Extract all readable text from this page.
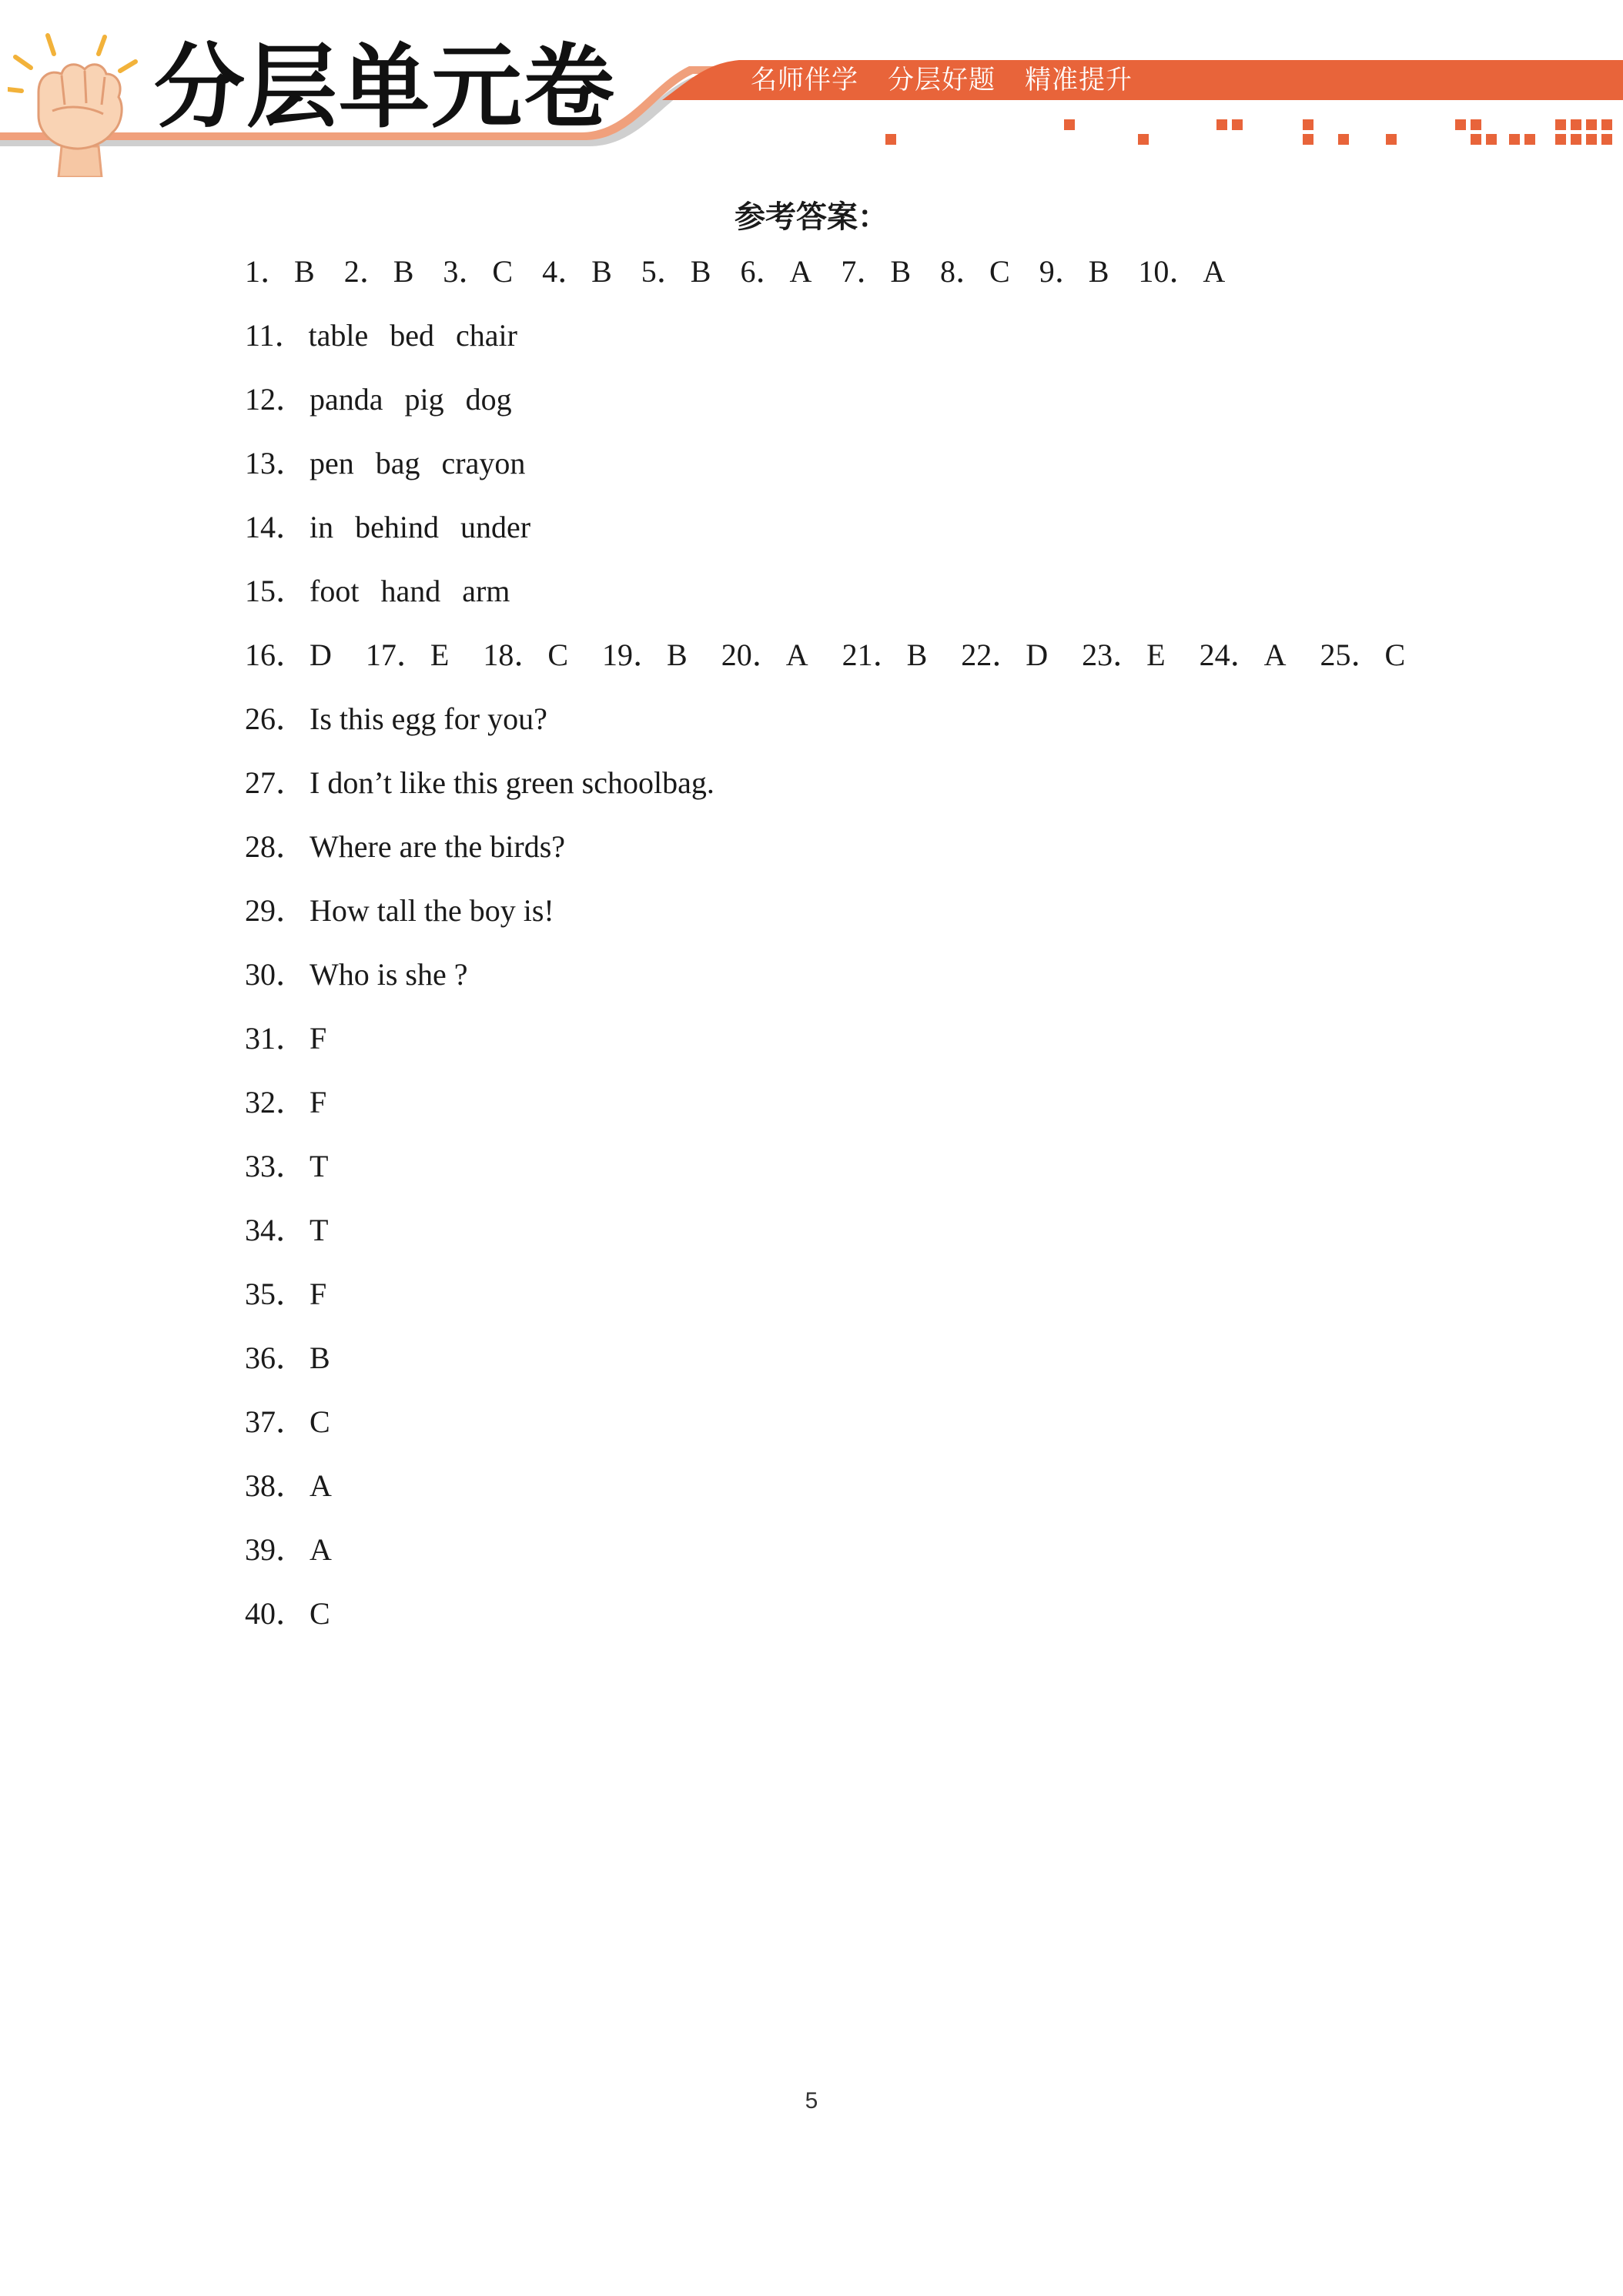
分层单元卷	名师伴学 分层好题 精准提升
参考答案：
1． B 2． B 3． C 4． B 5． B 6． A 7． B 8． C 9． B 10． A
11． table bed chair
12． panda pig dog
13． pen bag crayon
14． in behind under
15． foot hand arm
16． D 17． E 18． C 19． B 20． A 21． B 22． D 23． E 24． A 25． C
26． Is this egg for you?
27． I don’t like this green schoolbag.
28． Where are the birds?
29． How tall the boy is!
30． Who is she ?
31． F
32． F
33． T
34． T
35． F
36． B
37． C
38． A
39． A
40． C
5
